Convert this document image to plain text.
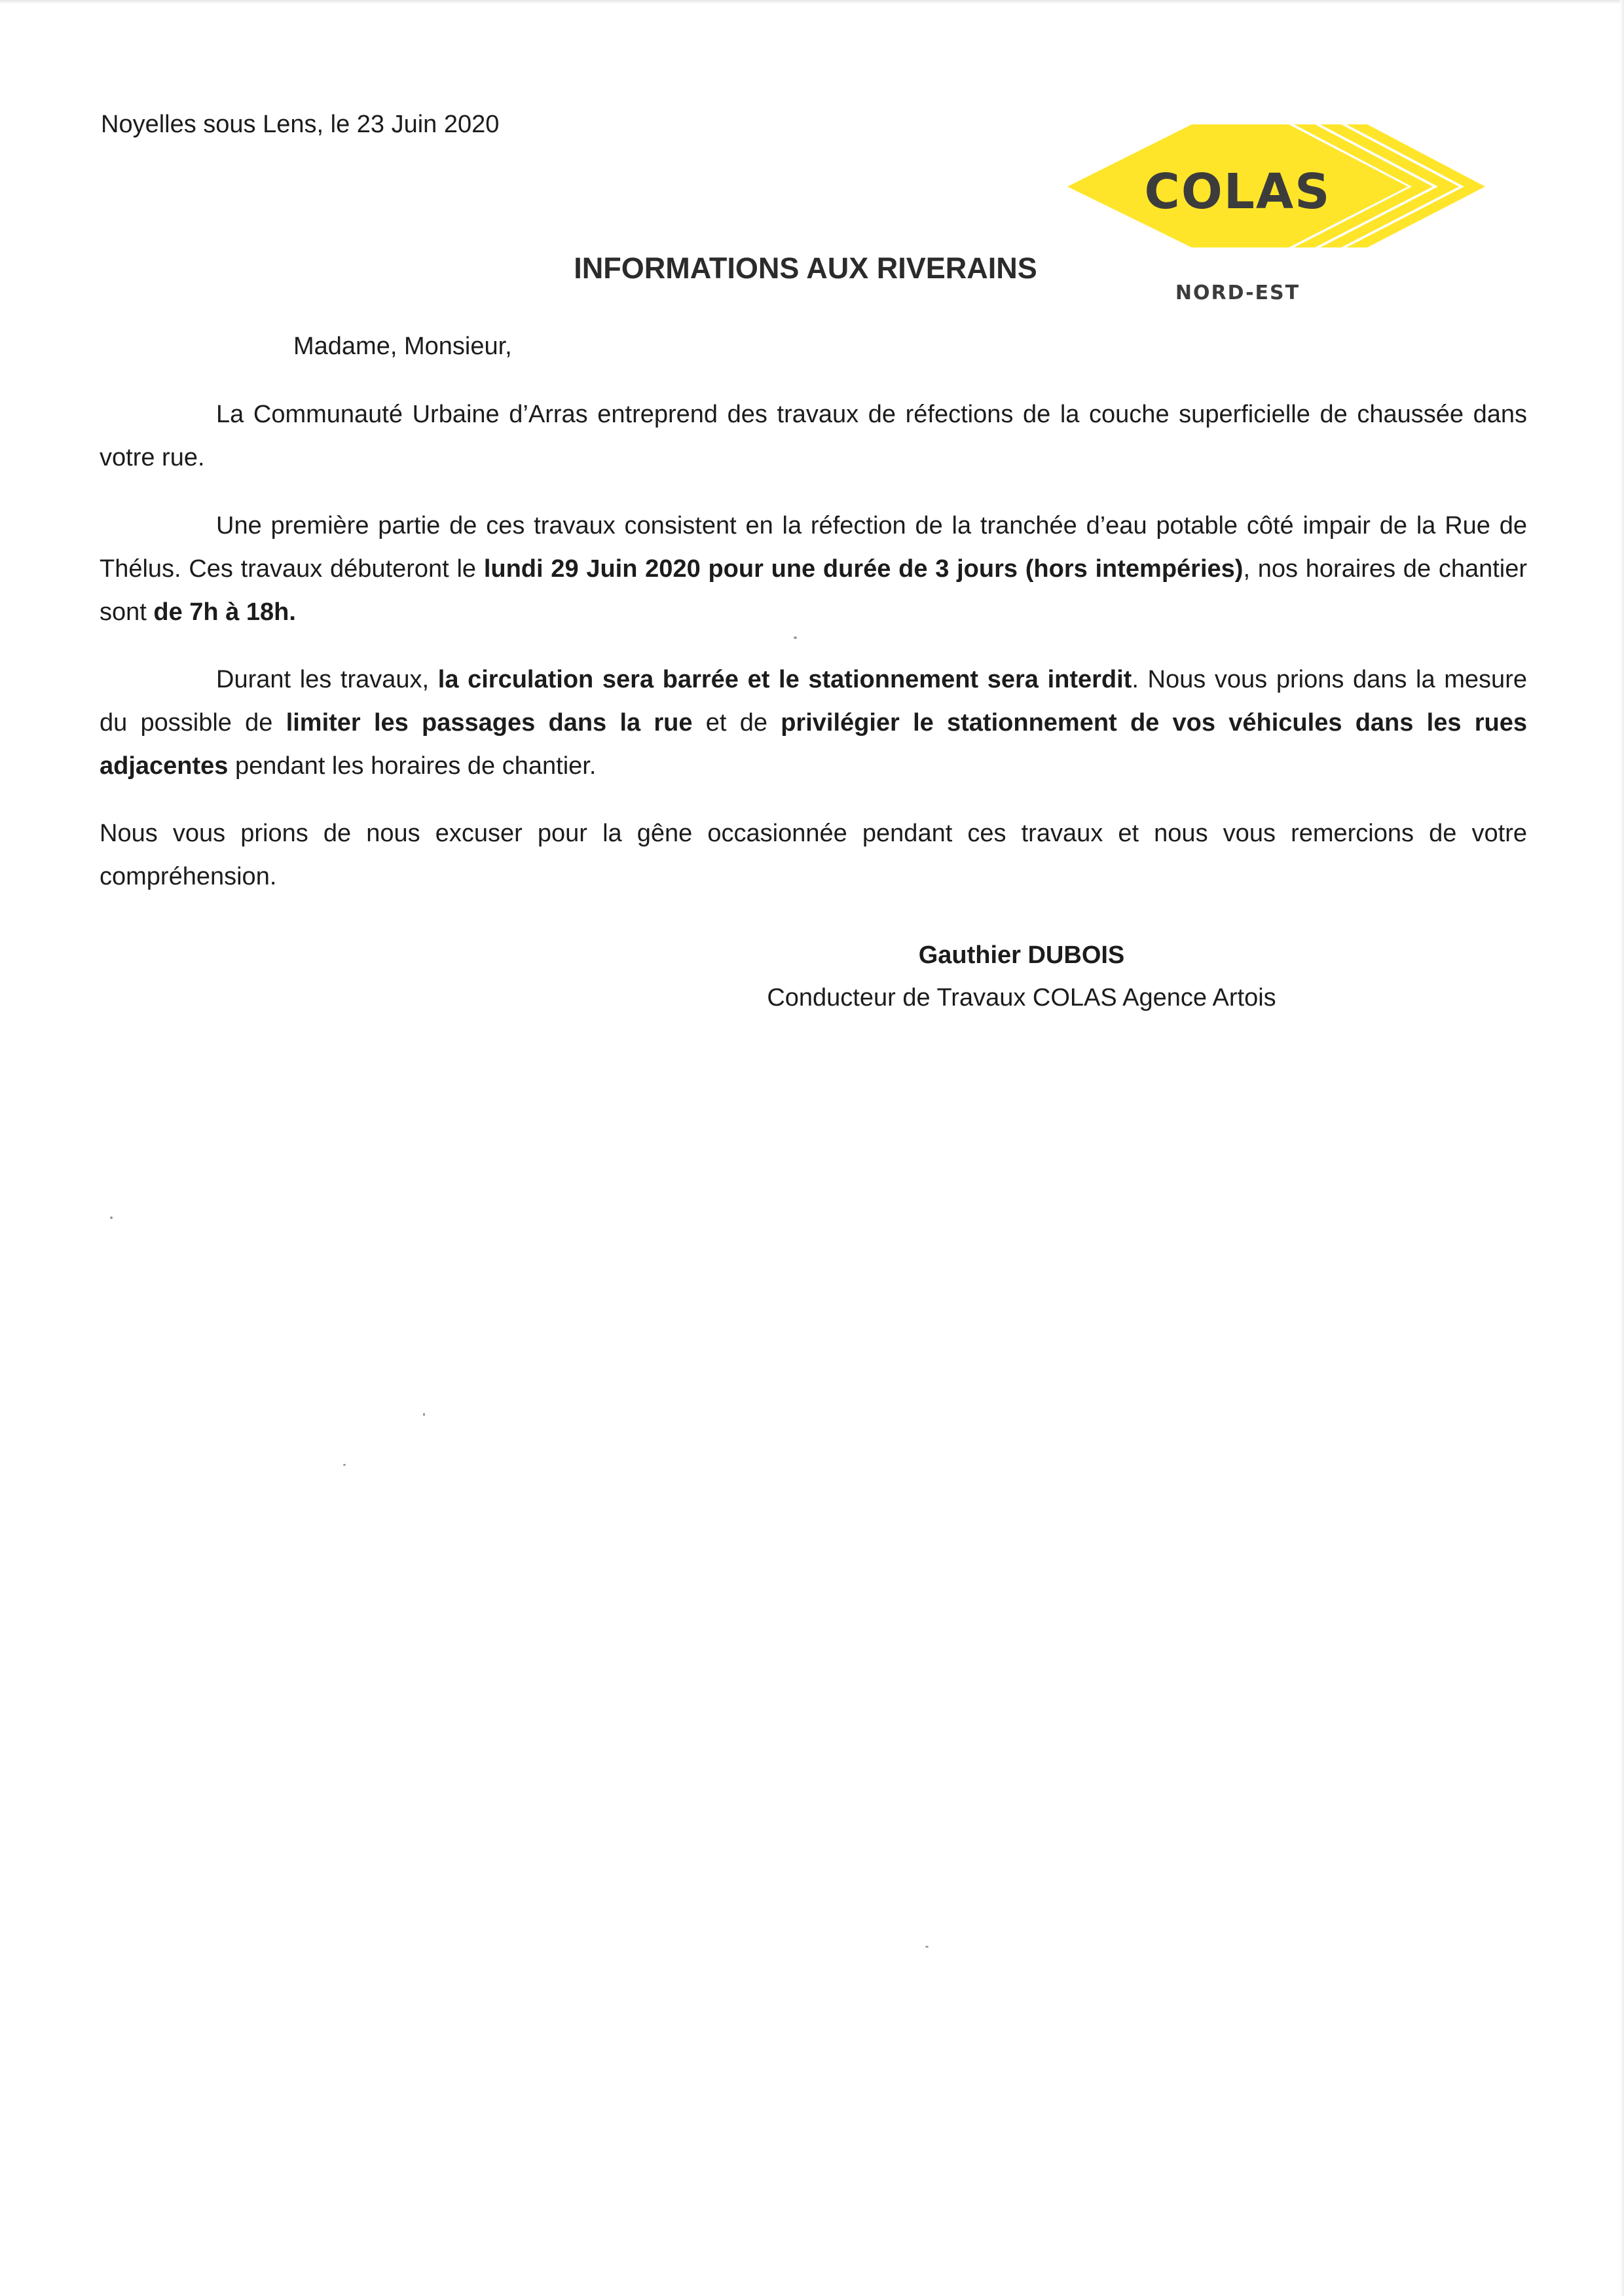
Noyelles sous Lens, le 23 Juin 2020
COLAS
NORD-EST
INFORMATIONS AUX RIVERAINS
Madame, Monsieur,
La Communauté Urbaine d’Arras entreprend des travaux de réfections de la couche superficielle de chaussée dans votre rue.
Une première partie de ces travaux consistent en la réfection de la tranchée d’eau potable côté impair de la Rue de Thélus. Ces travaux débuteront le lundi 29 Juin 2020 pour une durée de 3 jours (hors intempéries), nos horaires de chantier sont de 7h à 18h.
Durant les travaux, la circulation sera barrée et le stationnement sera interdit. Nous vous prions dans la mesure du possible de limiter les passages dans la rue et de privilégier le stationnement de vos véhicules dans les rues adjacentes pendant les horaires de chantier.
Nous vous prions de nous excuser pour la gêne occasionnée pendant ces travaux et nous vous remercions de votre compréhension.
Gauthier DUBOIS
Conducteur de Travaux COLAS Agence Artois
